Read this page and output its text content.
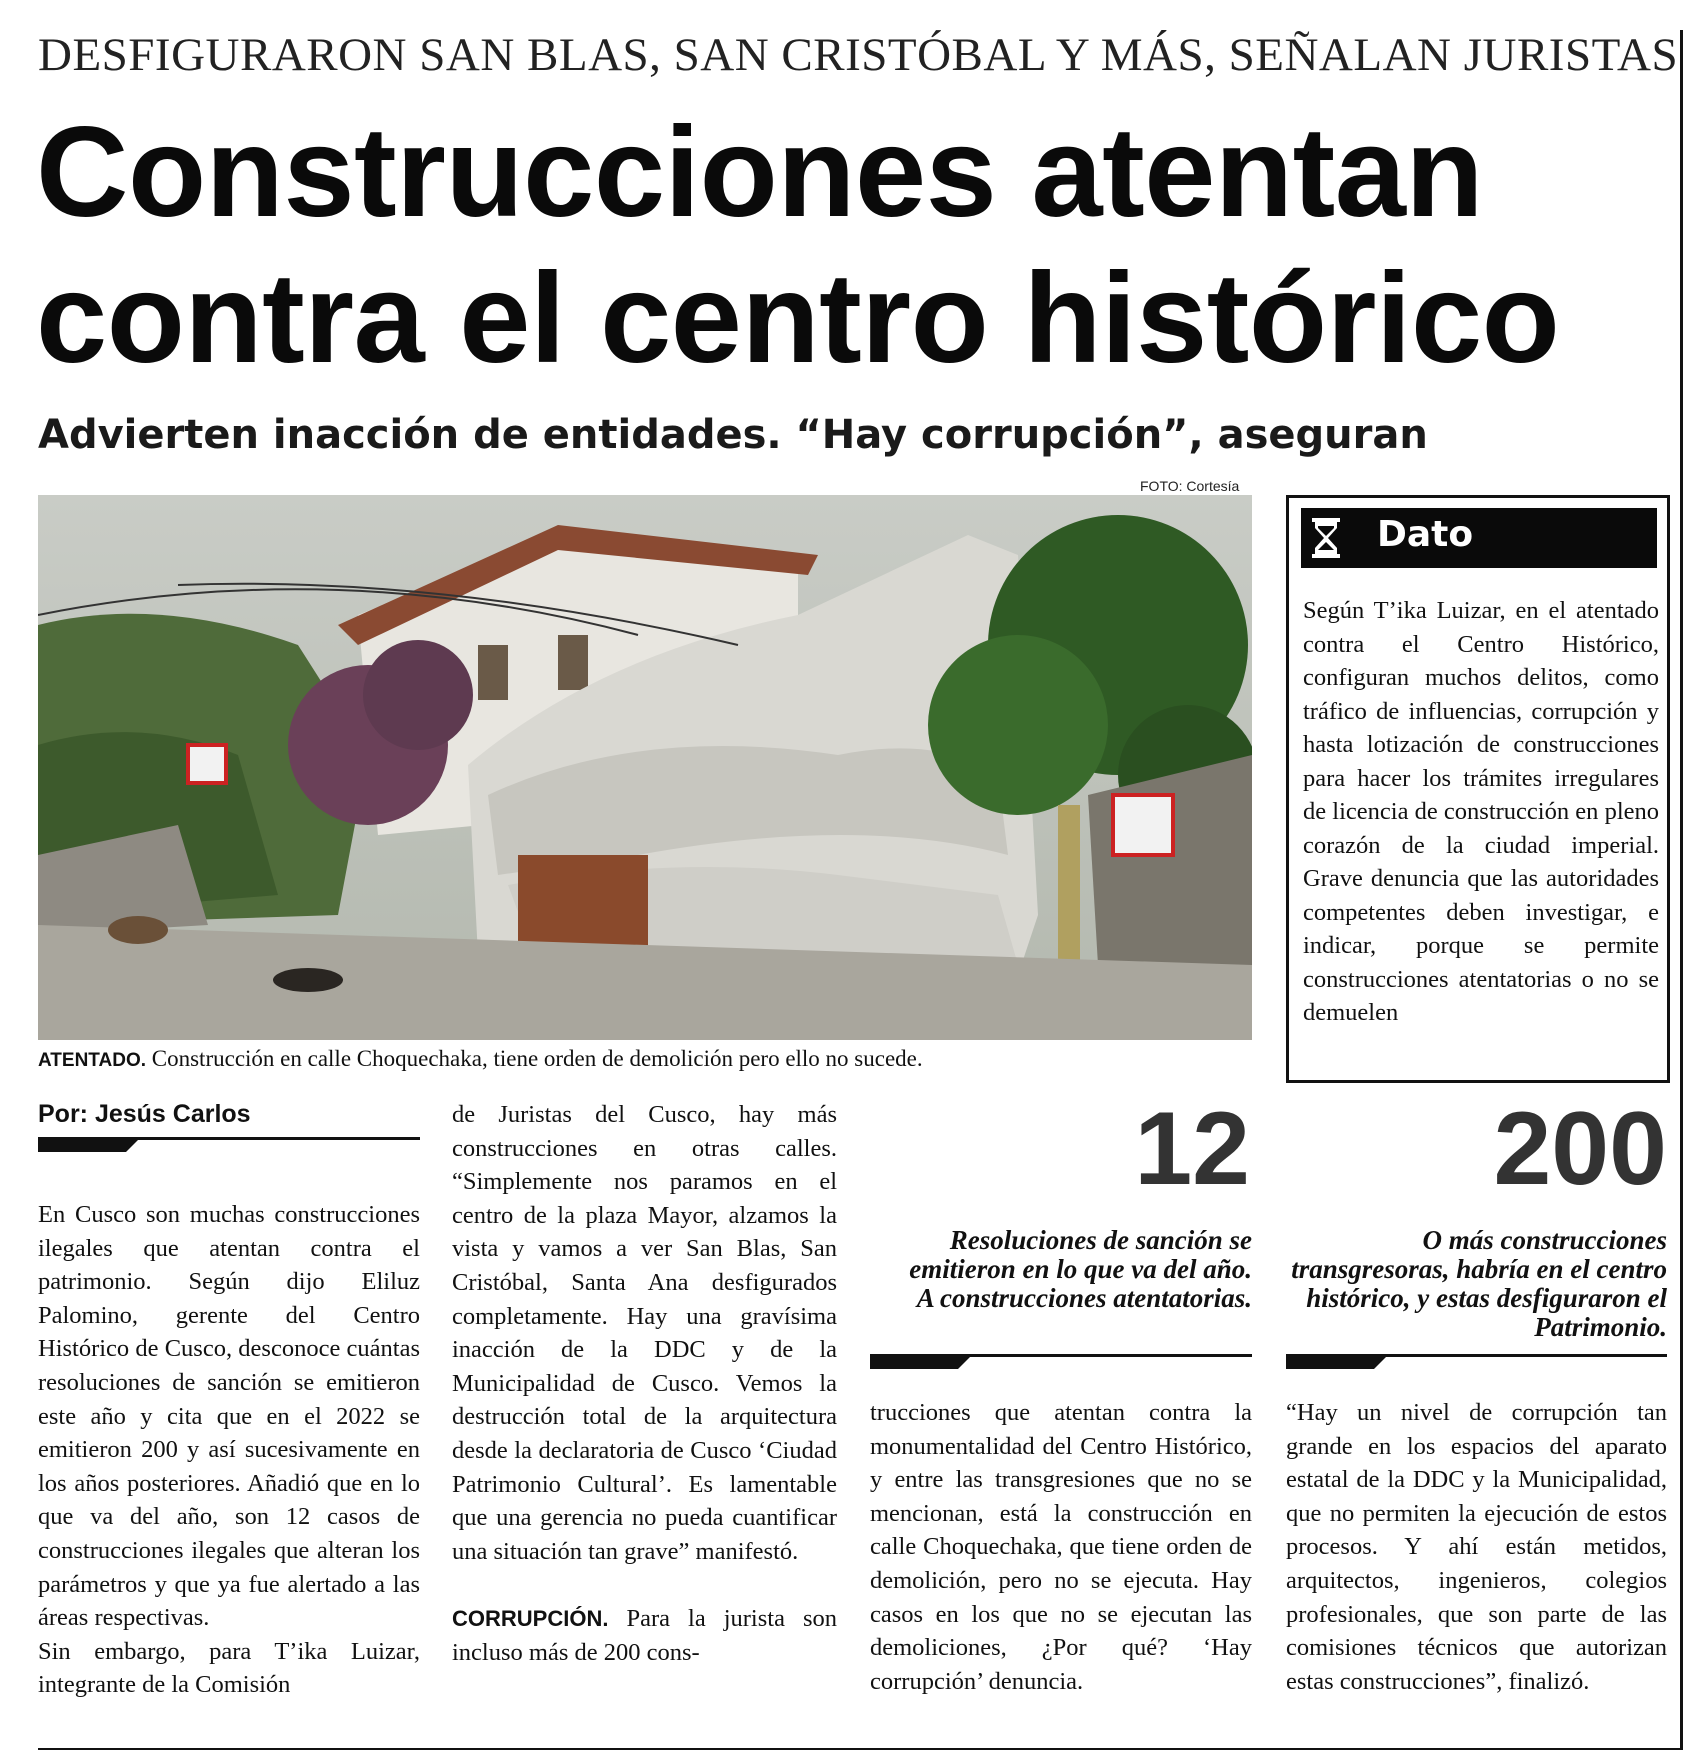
DESFIGURARON SAN BLAS, SAN CRISTÓBAL Y MÁS, SEÑALAN JURISTAS
Construcciones atentan
contra el centro histórico
Advierten inacción de entidades. “Hay corrupción”, aseguran
FOTO: Cortesía
ATENTADO. Construcción en calle Choquechaka, tiene orden de demolición pero ello no sucede.
Dato
Según T’ika Luizar, en el atentado contra el Centro Histórico, configuran muchos delitos, como tráfico de influencias, corrupción y hasta lotización de construcciones para hacer los trámites irregulares de licencia de construcción en pleno corazón de la ciudad imperial. Grave denuncia que las autoridades competentes deben investigar, e indicar, porque se permite construcciones atentatorias o no se demuelen
Por: Jesús Carlos

En Cusco son muchas construcciones ilegales que atentan contra el patrimonio. Según dijo Eliluz Palomino, gerente del Centro Histórico de Cusco, desconoce cuántas resoluciones de sanción se emitieron este año y cita que en el 2022 se emitieron 200 y así sucesivamente en los años posteriores. Añadió que en lo que va del año, son 12 casos de construcciones ilegales que alteran los parámetros y que ya fue alertado a las áreas respectivas.

Sin embargo, para T’ika Luizar, integrante de la Comisión

de Juristas del Cusco, hay más construcciones en otras calles. “Simplemente nos paramos en el centro de la plaza Mayor, alzamos la vista y vamos a ver San Blas, San Cristóbal, Santa Ana desfigurados completamente. Hay una gravísima inacción de la DDC y de la Municipalidad de Cusco. Vemos la destrucción total de la arquitectura desde la declaratoria de Cusco ‘Ciudad Patrimonio Cultural’. Es lamentable que una gerencia no pueda cuantificar una situación tan grave” manifestó.

CORRUPCIÓN. Para la jurista son incluso más de 200 cons-

12
Resoluciones de sanción se emitieron en lo que va del año. A construcciones atentatorias.

trucciones que atentan contra la monumentalidad del Centro Histórico, y entre las transgresiones que no se mencionan, está la construcción en calle Choquechaka, que tiene orden de demolición, pero no se ejecuta. Hay casos en los que no se ejecutan las demoliciones, ¿Por qué? ‘Hay corrupción’ denuncia.

200
O más construcciones transgresoras, habría en el centro histórico, y estas desfiguraron el Patrimonio.

“Hay un nivel de corrupción tan grande en los espacios del aparato estatal de la DDC y la Municipalidad, que no permiten la ejecución de estos procesos. Y ahí están metidos, arquitectos, ingenieros, colegios profesionales, que son parte de las comisiones técnicos que autorizan estas construcciones”, finalizó.
